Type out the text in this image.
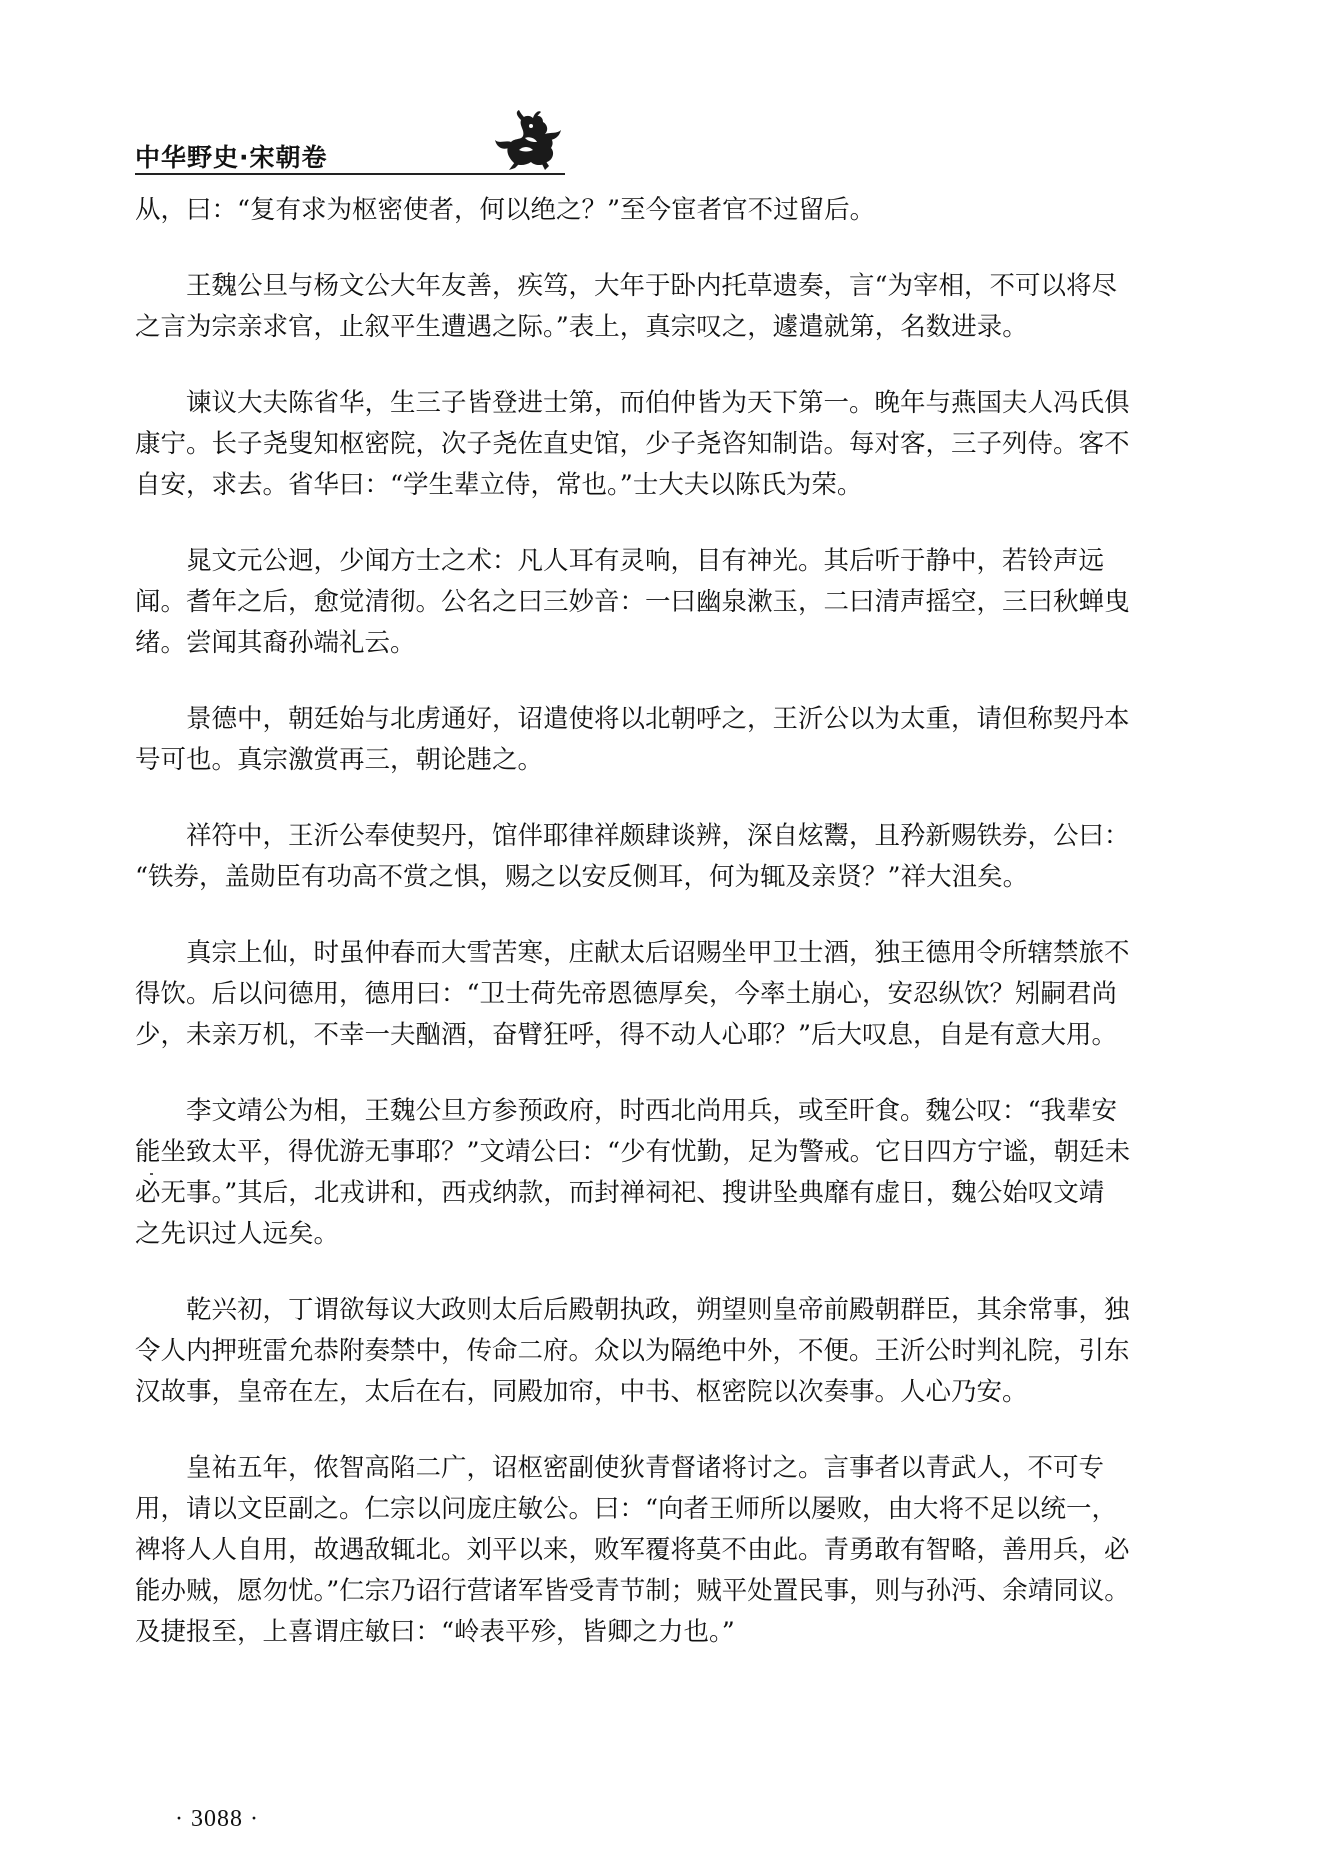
中华野史·宋朝卷

从，曰：“复有求为枢密使者，何以绝之？”至今宦者官不过留后。

王魏公旦与杨文公大年友善，疾笃，大年于卧内托草遗奏，言“为宰相，不可以将尽
之言为宗亲求官，止叙平生遭遇之际。”表上，真宗叹之，遽遣就第，名数进录。

谏议大夫陈省华，生三子皆登进士第，而伯仲皆为天下第一。晚年与燕国夫人冯氏俱
康宁。长子尧叟知枢密院，次子尧佐直史馆，少子尧咨知制诰。每对客，三子列侍。客不
自安，求去。省华曰：“学生辈立侍，常也。”士大夫以陈氏为荣。

晁文元公迥，少闻方士之术：凡人耳有灵响，目有神光。其后听于静中，若铃声远
闻。耆年之后，愈觉清彻。公名之曰三妙音：一曰幽泉漱玉，二曰清声摇空，三曰秋蝉曳
绪。尝闻其裔孙端礼云。

景德中，朝廷始与北虏通好，诏遣使将以北朝呼之，王沂公以为太重，请但称契丹本
号可也。真宗激赏再三，朝论韪之。

祥符中，王沂公奉使契丹，馆伴耶律祥颇肆谈辨，深自炫鬻，且矜新赐铁券，公曰：
“铁券，盖勋臣有功高不赏之惧，赐之以安反侧耳，何为辄及亲贤？”祥大沮矣。

真宗上仙，时虽仲春而大雪苦寒，庄献太后诏赐坐甲卫士酒，独王德用令所辖禁旅不
得饮。后以问德用，德用曰：“卫士荷先帝恩德厚矣，今率土崩心，安忍纵饮？矧嗣君尚
少，未亲万机，不幸一夫酗酒，奋臂狂呼，得不动人心耶？”后大叹息，自是有意大用。

李文靖公为相，王魏公旦方参预政府，时西北尚用兵，或至旰食。魏公叹：“我辈安
能坐致太平，得优游无事耶？”文靖公曰：“少有忧勤，足为警戒。它日四方宁谧，朝廷未
必无事。”其后，北戎讲和，西戎纳款，而封禅祠祀、搜讲坠典靡有虚日，魏公始叹文靖
之先识过人远矣。

乾兴初，丁谓欲每议大政则太后后殿朝执政，朔望则皇帝前殿朝群臣，其余常事，独
令人内押班雷允恭附奏禁中，传命二府。众以为隔绝中外，不便。王沂公时判礼院，引东
汉故事，皇帝在左，太后在右，同殿加帘，中书、枢密院以次奏事。人心乃安。

皇祐五年，侬智高陷二广，诏枢密副使狄青督诸将讨之。言事者以青武人，不可专
用，请以文臣副之。仁宗以问庞庄敏公。曰：“向者王师所以屡败，由大将不足以统一，
裨将人人自用，故遇敌辄北。刘平以来，败军覆将莫不由此。青勇敢有智略，善用兵，必
能办贼，愿勿忧。”仁宗乃诏行营诸军皆受青节制；贼平处置民事，则与孙沔、余靖同议。
及捷报至，上喜谓庄敏曰：“岭表平殄，皆卿之力也。”

· 3088 ·
